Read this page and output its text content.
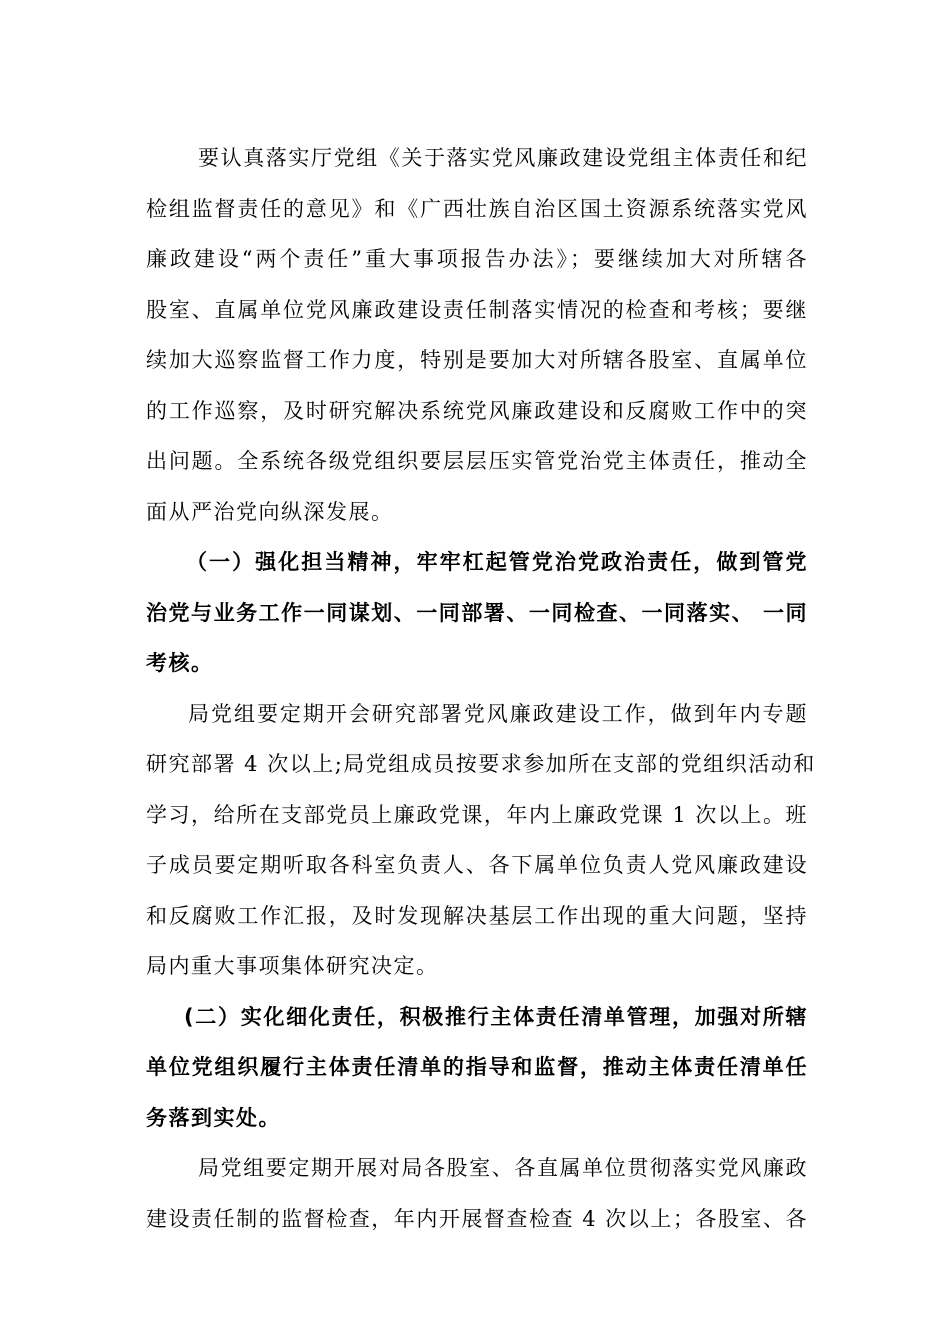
要认真落实厅党组《关于落实党风廉政建设党组主体责任和纪
检组监督责任的意见》和《广西壮族自治区国土资源系统落实党风
廉政建设“两个责任”重大事项报告办法》；要继续加大对所辖各
股室、直属单位党风廉政建设责任制落实情况的检查和考核；要继
续加大巡察监督工作力度，特别是要加大对所辖各股室、直属单位
的工作巡察，及时研究解决系统党风廉政建设和反腐败工作中的突
出问题。全系统各级党组织要层层压实管党治党主体责任，推动全
面从严治党向纵深发展。
（一）强化担当精神，牢牢杠起管党治党政治责任，做到管党
治党与业务工作一同谋划、一同部署、一同检查、一同落实、 一同
考核。
局党组要定期开会研究部署党风廉政建设工作，做到年内专题
研究部署 4 次以上;局党组成员按要求参加所在支部的党组织活动和
学习，给所在支部党员上廉政党课，年内上廉政党课 1 次以上。班
子成员要定期听取各科室负责人、各下属单位负责人党风廉政建设
和反腐败工作汇报，及时发现解决基层工作出现的重大问题，坚持
局内重大事项集体研究决定。
(二）实化细化责任，积极推行主体责任清单管理，加强对所辖
单位党组织履行主体责任清单的指导和监督，推动主体责任清单任
务落到实处。
局党组要定期开展对局各股室、各直属单位贯彻落实党风廉政
建设责任制的监督检查，年内开展督查检查 4 次以上；各股室、各
